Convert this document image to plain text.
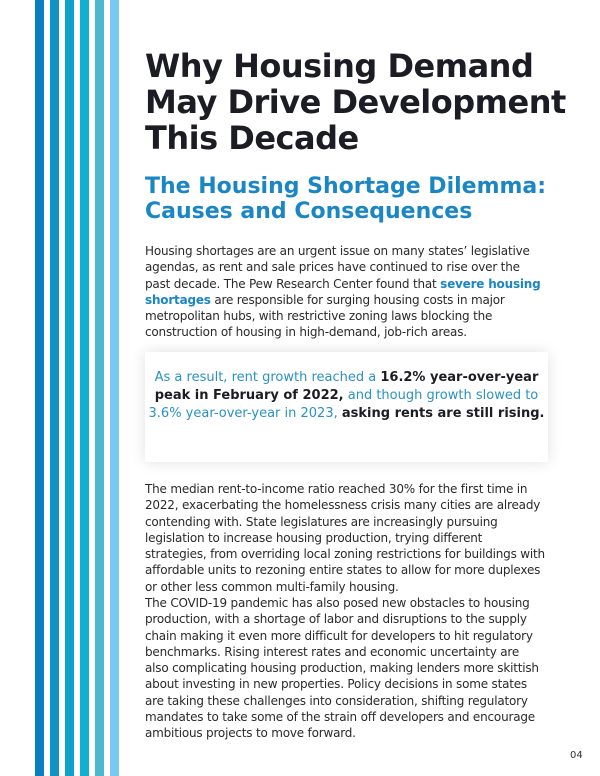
Why Housing Demand May Drive Development This Decade
The Housing Shortage Dilemma: Causes and Consequences

Housing shortages are an urgent issue on many states’ legislative agendas, as rent and sale prices have continued to rise over the past decade. The Pew Research Center found that severe housing shortages are responsible for surging housing costs in major metropolitan hubs, with restrictive zoning laws blocking the construction of housing in high-demand, job-rich areas.

As a result, rent growth reached a 16.2% year-over-year peak in February of 2022, and though growth slowed to 3.6% year-over-year in 2023, asking rents are still rising.

The median rent-to-income ratio reached 30% for the first time in 2022, exacerbating the homelessness crisis many cities are already contending with. State legislatures are increasingly pursuing legislation to increase housing production, trying different strategies, from overriding local zoning restrictions for buildings with affordable units to rezoning entire states to allow for more duplexes or other less common multi-family housing.

The COVID-19 pandemic has also posed new obstacles to housing production, with a shortage of labor and disruptions to the supply chain making it even more difficult for developers to hit regulatory benchmarks. Rising interest rates and economic uncertainty are also complicating housing production, making lenders more skittish about investing in new properties. Policy decisions in some states are taking these challenges into consideration, shifting regulatory mandates to take some of the strain off developers and encourage ambitious projects to move forward.

04
